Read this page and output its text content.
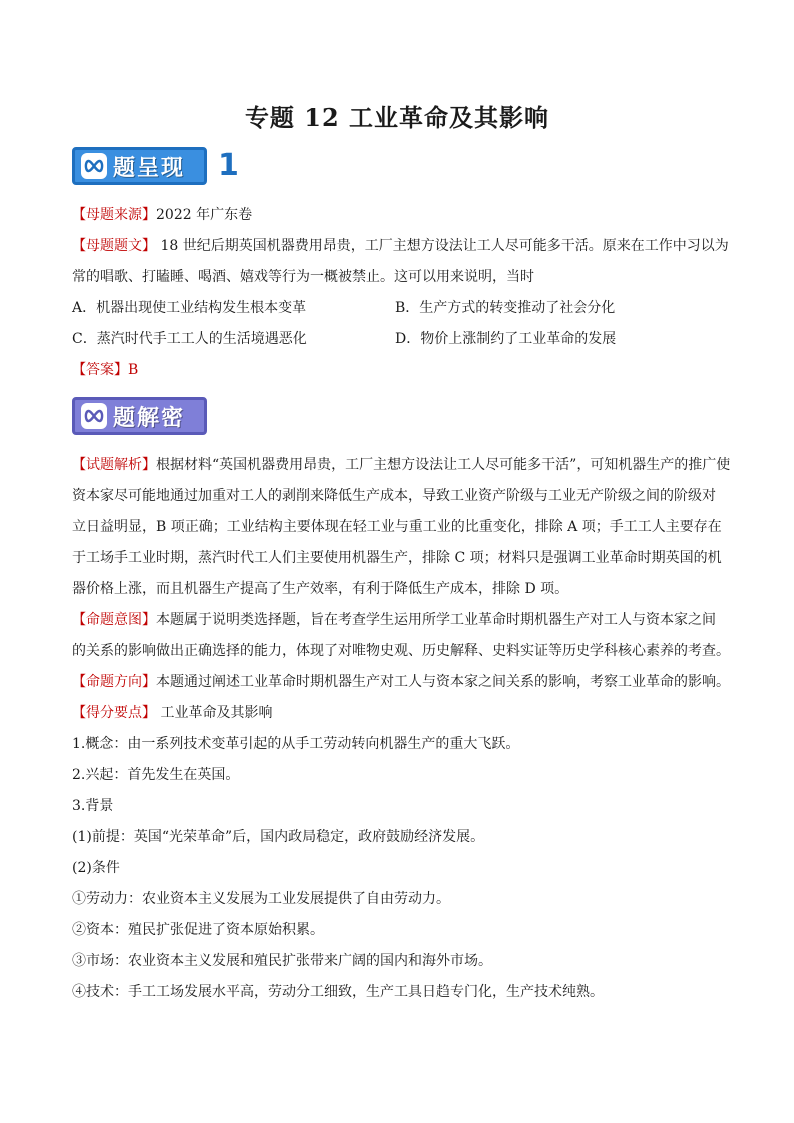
专题 12 工业革命及其影响
题呈现 1
【母题来源】2022 年广东卷
【母题题文】 18 世纪后期英国机器费用昂贵，工厂主想方设法让工人尽可能多干活。原来在工作中习以为
常的唱歌、打瞌睡、喝酒、嬉戏等行为一概被禁止。这可以用来说明，当时
A．机器出现使工业结构发生根本变革	B．生产方式的转变推动了社会分化
C．蒸汽时代手工工人的生活境遇恶化	D．物价上涨制约了工业革命的发展
【答案】B
题解密
【试题解析】根据材料“英国机器费用昂贵，工厂主想方设法让工人尽可能多干活”，可知机器生产的推广使
资本家尽可能地通过加重对工人的剥削来降低生产成本，导致工业资产阶级与工业无产阶级之间的阶级对
立日益明显，B 项正确；工业结构主要体现在轻工业与重工业的比重变化，排除 A 项；手工工人主要存在
于工场手工业时期，蒸汽时代工人们主要使用机器生产，排除 C 项；材料只是强调工业革命时期英国的机
器价格上涨，而且机器生产提高了生产效率，有利于降低生产成本，排除 D 项。
【命题意图】本题属于说明类选择题，旨在考查学生运用所学工业革命时期机器生产对工人与资本家之间
的关系的影响做出正确选择的能力，体现了对唯物史观、历史解释、史料实证等历史学科核心素养的考查。
【命题方向】本题通过阐述工业革命时期机器生产对工人与资本家之间关系的影响，考察工业革命的影响。
【得分要点】 工业革命及其影响
1.概念：由一系列技术变革引起的从手工劳动转向机器生产的重大飞跃。
2.兴起：首先发生在英国。
3.背景
(1)前提：英国“光荣革命”后，国内政局稳定，政府鼓励经济发展。
(2)条件
①劳动力：农业资本主义发展为工业发展提供了自由劳动力。
②资本：殖民扩张促进了资本原始积累。
③市场：农业资本主义发展和殖民扩张带来广阔的国内和海外市场。
④技术：手工工场发展水平高，劳动分工细致，生产工具日趋专门化，生产技术纯熟。
